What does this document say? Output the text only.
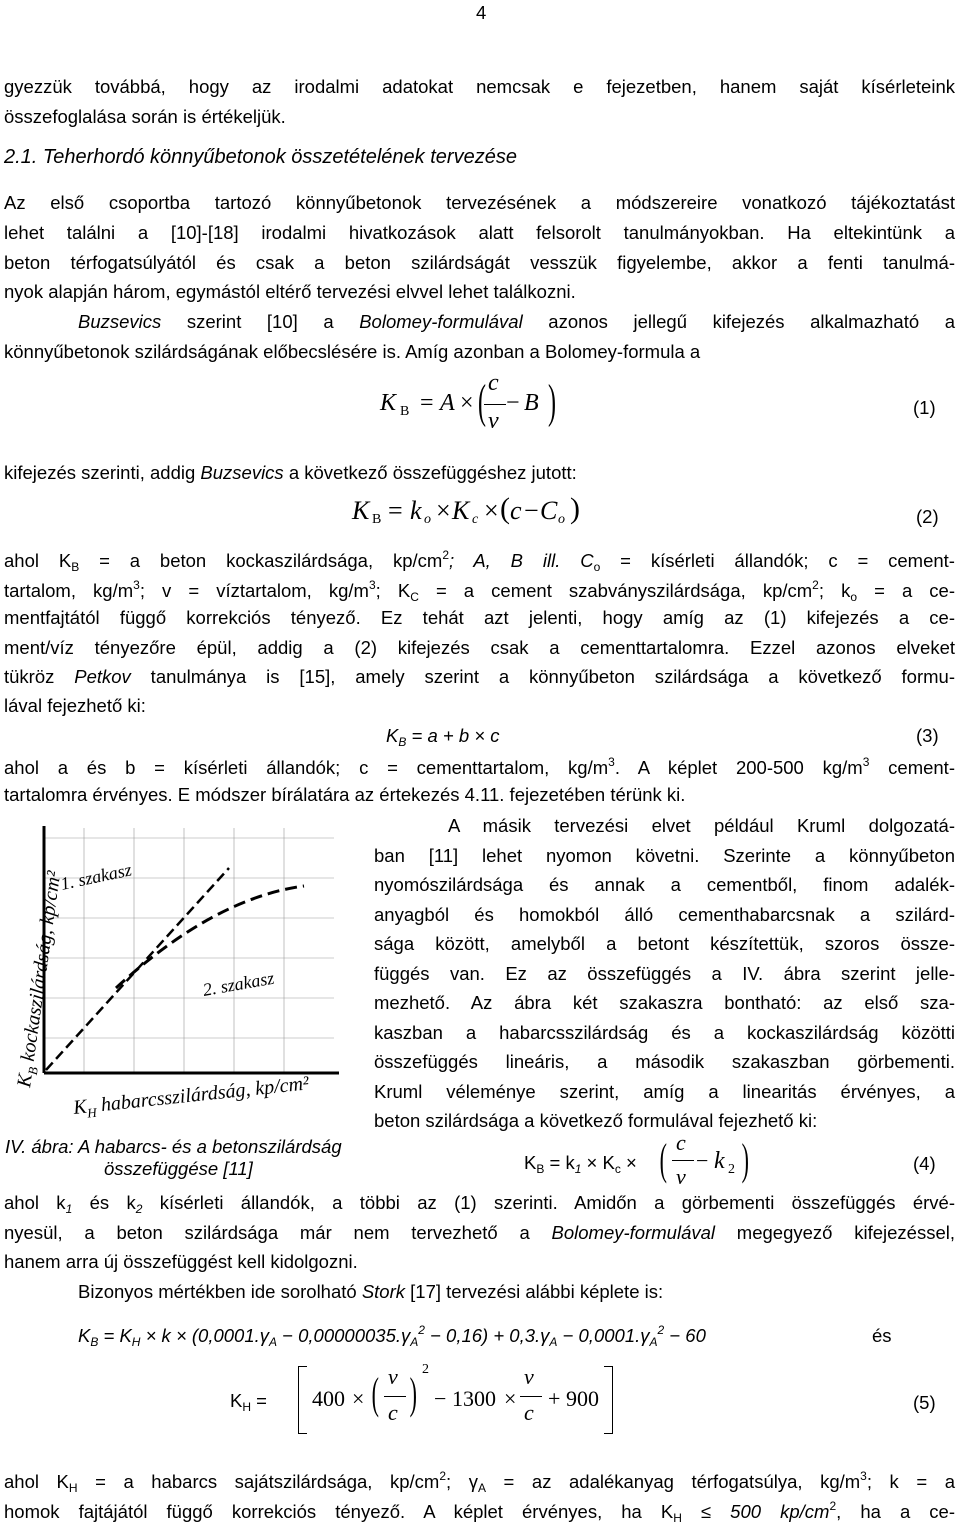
4
gyezzük továbbá, hogy az irodalmi adatokat nemcsak e fejezetben, hanem saját kísérleteink
összefoglalása során is értékeljük.
2.1. Teherhordó könnyűbetonok összetételének tervezése
Az első csoportba tartozó könnyűbetonok tervezésének a módszereire vonatkozó tájékoztatást
lehet találni a [10]-[18] irodalmi hivatkozások alatt felsorolt tanulmányokban. Ha eltekintünk a
beton térfogatsúlyától és csak a beton szilárdságát vesszük figyelembe, akkor a fenti tanulmá-
nyok alapján három, egymástól eltérő tervezési elvvel lehet találkozni.
Buzsevics szerint [10] a Bolomey-formulával azonos jellegű kifejezés alkalmazható a
könnyűbetonok szilárdságának előbecslésére is. Amíg azonban a Bolomey-formula a
K B = A × ( c
v
− B )	(1)
kifejezés szerinti, addig Buzsevics a következő összefüggéshez jutott:
K B = k o × K c × ( c − C o )	(2)
ahol $K_B = a$ beton kockaszilárdsága, $kp/cm^2$; A, B ill. $C_o$ = kísérleti állandók; c = cement-
tartalom, $kg/m^3$; v = víztartalom, $kg/m^3$; $K_C = a$ cement szabványszilárdsága, $kp/cm^2$; $k_o = a$ ce-
mentfajtától függő korrekciós tényező. Ez tehát azt jelenti, hogy amíg az (1) kifejezés a ce-
ment/víz tényezőre épül, addig a (2) kifejezés csak a cementtartalomra. Ezzel azonos elveket
tükröz Petkov tanulmánya is [15], amely szerint a könnyűbeton szilárdsága a következő formu-
lával fejezhető ki:
$K_B = a + b \times c$	(3)
ahol a és b = kísérleti állandók; c = cementtartalom, $kg/m^3$. A képlet 200-500 $kg/m^3$ cement-
tartalomra érvényes. E módszer bírálatára az értekezés 4.11. fejezetében térünk ki.
1. szakasz
2. szakasz
$K_H$ habarcsszilárdság, kp/cm²
$K_B$ kockaszilárdság, kp/cm²
IV. ábra: A habarcs- és a betonszilárdság
összefüggése [11]
A másik tervezési elvet például Kruml dolgozatá-
ban [11] lehet nyomon követni. Szerinte a könnyűbeton
nyomószilárdsága és annak a cementből, finom adalék-
anyagból és homokból álló cementhabarcsnak a szilárd-
sága között, amelyből a betont készítettük, szoros össze-
függés van. Ez az összefüggés a IV. ábra szerint jelle-
mezhető. Az ábra két szakaszra bontható: az első sza-
kaszban a habarcsszilárdság és a kockaszilárdság közötti
összefüggés lineáris, a második szakaszban görbementi.
Kruml véleménye szerint, amíg a linearitás érvényes, a
beton szilárdsága a következő formulával fejezhető ki:
$K_B = k_1 \times K_c$ × ( c
v
− k 2 )	(4)
ahol $k_1$ és $k_2$ kísérleti állandók, a többi az (1) szerinti. Amidőn a görbementi összefüggés érvé-
nyesül, a beton szilárdsága már nem tervezhető a Bolomey-formulával megegyező kifejezéssel,
hanem arra új összefüggést kell kidolgozni.
Bizonyos mértékben ide sorolható Stork [17] tervezési alábbi képlete is:
$K_B = K_H \times k \times (0,0001.\gamma_A - 0,00000035.\gamma_A^2 - 0,16) + 0,3.\gamma_A - 0,0001.\gamma_A^2 - 60$	és
$K_H = 400$ × ( v
c ) 2
− 1300 ×
v
c
+ 900	(5)
ahol $K_H = a$ habarcs sajátszilárdsága, $kp/cm^2$; $\gamma_A$ = az adalékanyag térfogatsúlya, $kg/m^3$; k = a
homok fajtájától függő korrekciós tényező. A képlet érvényes, ha $K_H \le 500$ $kp/cm^2$, ha a ce-
